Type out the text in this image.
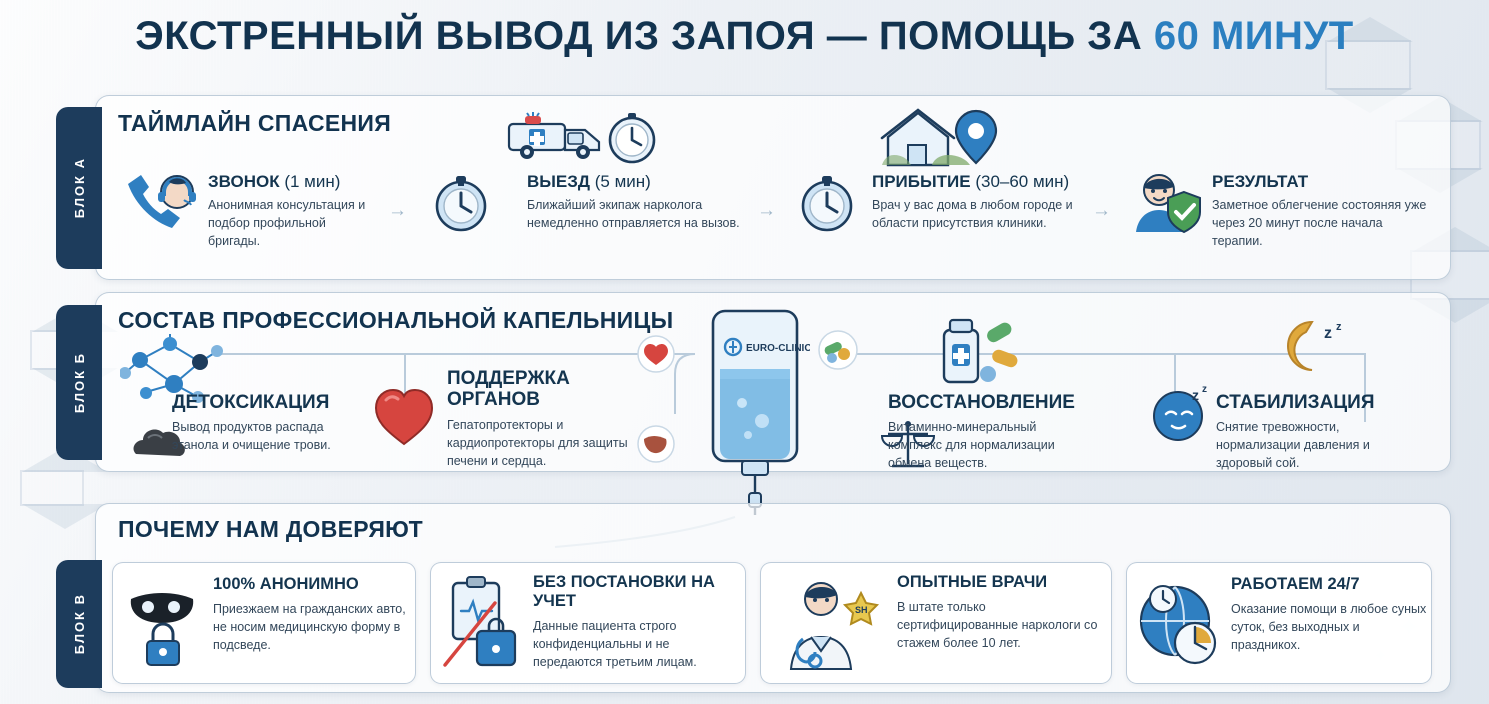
ЭКСТРЕННЫЙ ВЫВОД ИЗ ЗАПОЯ — ПОМОЩЬ ЗА 60 МИНУТ
ТАЙМЛАЙН СПАСЕНИЯ
БЛОК А	ЗВОНОК (1 мин)
Анонимная консультация и подбор профильной бригады.
→
ВЫЕЗД (5 мин)
Ближайший экипаж нарколога немедленно отправляется на вызов.
→
ПРИБЫТИЕ (30–60 мин)
Врач у вас дома в любом городе и области присутствия клиники.
→
РЕЗУЛЬТАТ
Заметное облегчение состояняя уже через 20 минут после начала терапии.
СОСТАВ ПРОФЕССИОНАЛЬНОЙ КАПЕЛЬНИЦЫ
БЛОК Б
EURO-CLINIC
ДЕТОКСИКАЦИЯ
Вывод продуктов распада этанола и очищение трови.
ПОДДЕРЖКА ОРГАНОВ
Гепатопротекторы и кардиопротекторы для защиты печени и сердца.
ВОССТАНОВЛЕНИЕ
Витаминно-минеральный комплекс для нормализации обмена веществ.
z z
z z
СТАБИЛИЗАЦИЯ
Снятие тревожности, нормализации давления и здоровый сой.
ПОЧЕМУ НАМ ДОВЕРЯЮТ
БЛОК В
100% АНОНИМНО
Приезжаем на гражданских авто, не носим медицинскую форму в подсведе.
БЕЗ ПОСТАНОВКИ НА УЧЕТ
Данные пациента строго конфиденциальны и не передаются третьим лицам.
SH
ОПЫТНЫЕ ВРАЧИ
В штате только сертифицированные наркологи со стажем более 10 лет.
РАБОТАЕМ 24/7
Оказание помощи в любое суных суток, без выходных и праздникох.
